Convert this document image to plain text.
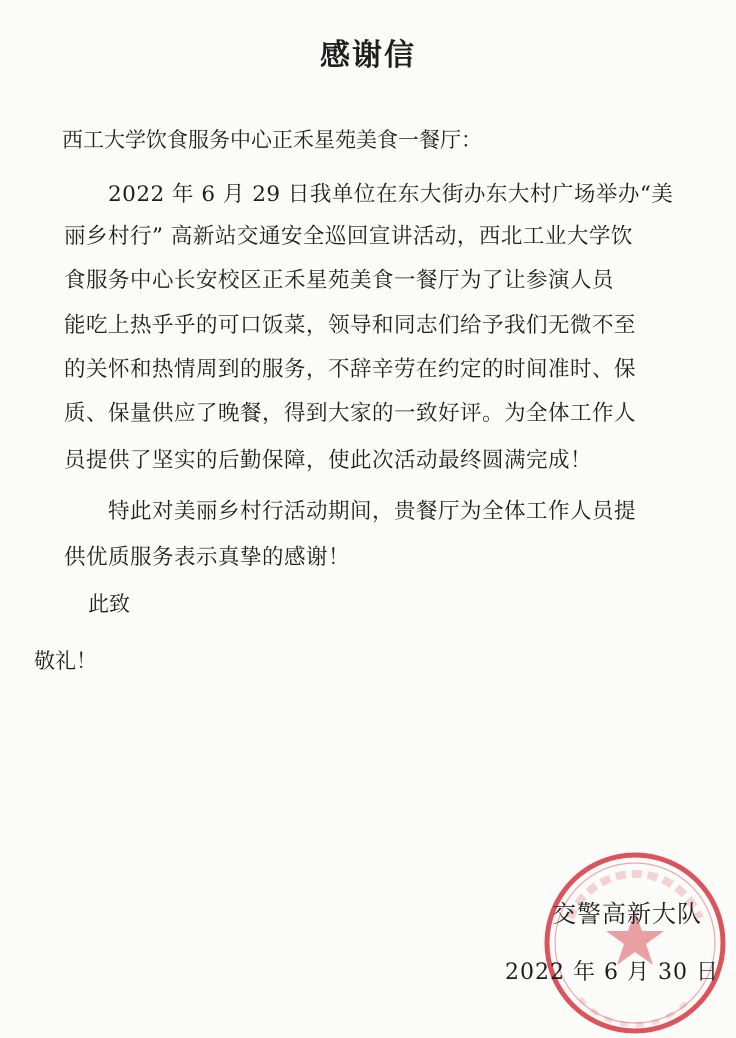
感谢信
西工大学饮食服务中心正禾星苑美食一餐厅：
　　2022 年 6 月 29 日我单位在东大街办东大村广场举办“美
丽乡村行” 高新站交通安全巡回宣讲活动，西北工业大学饮
食服务中心长安校区正禾星苑美食一餐厅为了让参演人员
能吃上热乎乎的可口饭菜，领导和同志们给予我们无微不至
的关怀和热情周到的服务，不辞辛劳在约定的时间准时、保
质、保量供应了晚餐，得到大家的一致好评。为全体工作人
员提供了坚实的后勤保障，使此次活动最终圆满完成！
　　特此对美丽乡村行活动期间，贵餐厅为全体工作人员提
供优质服务表示真挚的感谢！
此致
敬礼！
交警高新大队
2022 年 6 月 30 日
